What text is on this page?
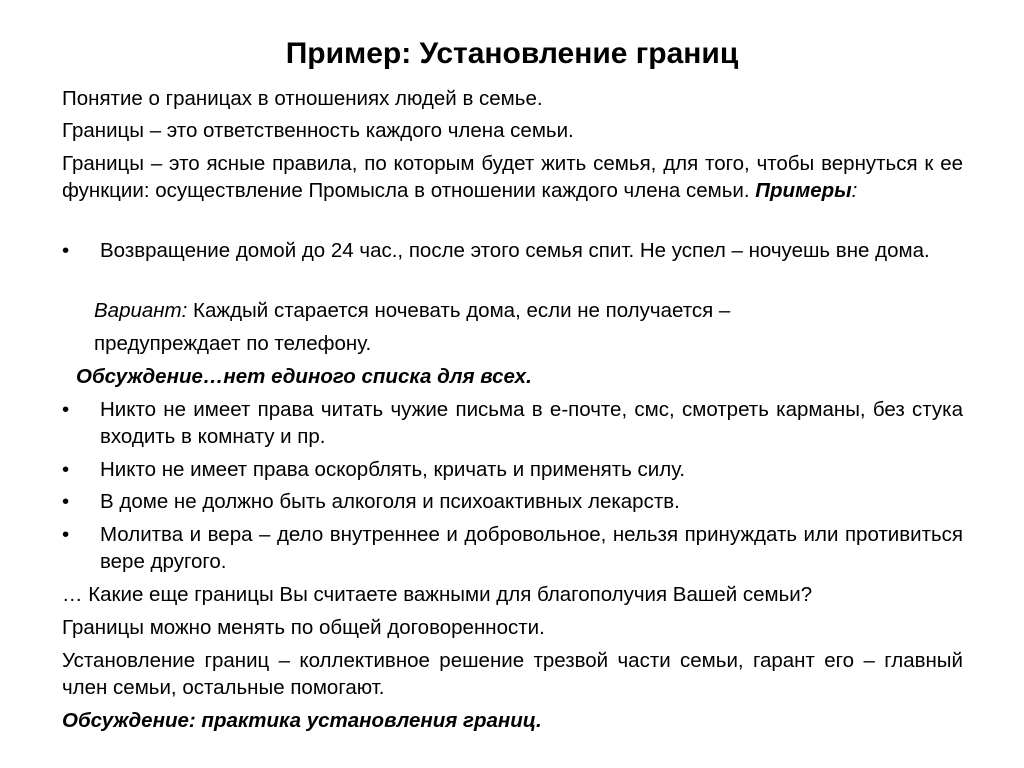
Пример: Установление границ

Понятие о границах в отношениях людей в семье.

Границы – это ответственность каждого члена семьи.

Границы – это ясные правила, по которым будет жить семья, для того, чтобы вернуться к ее функции: осуществление Промысла в отношении каждого члена семьи. Примеры:

• Возвращение домой до 24 час., после этого семья спит. Не успел – ночуешь вне дома.

Вариант: Каждый старается ночевать дома, если не получается –

предупреждает по телефону.

Обсуждение…нет единого списка для всех.

• Никто не имеет права читать чужие письма в е-почте, смс, смотреть карманы, без стука входить в комнату и пр.

• Никто не имеет права оскорблять, кричать и применять силу.

• В доме не должно быть алкоголя и психоактивных лекарств.

• Молитва и вера – дело внутреннее и добровольное, нельзя принуждать или противиться вере другого.

… Какие еще границы Вы считаете важными для благополучия Вашей семьи?

Границы можно менять по общей договоренности.

Установление границ – коллективное решение трезвой части семьи, гарант его – главный член семьи, остальные помогают.

Обсуждение: практика установления границ.
